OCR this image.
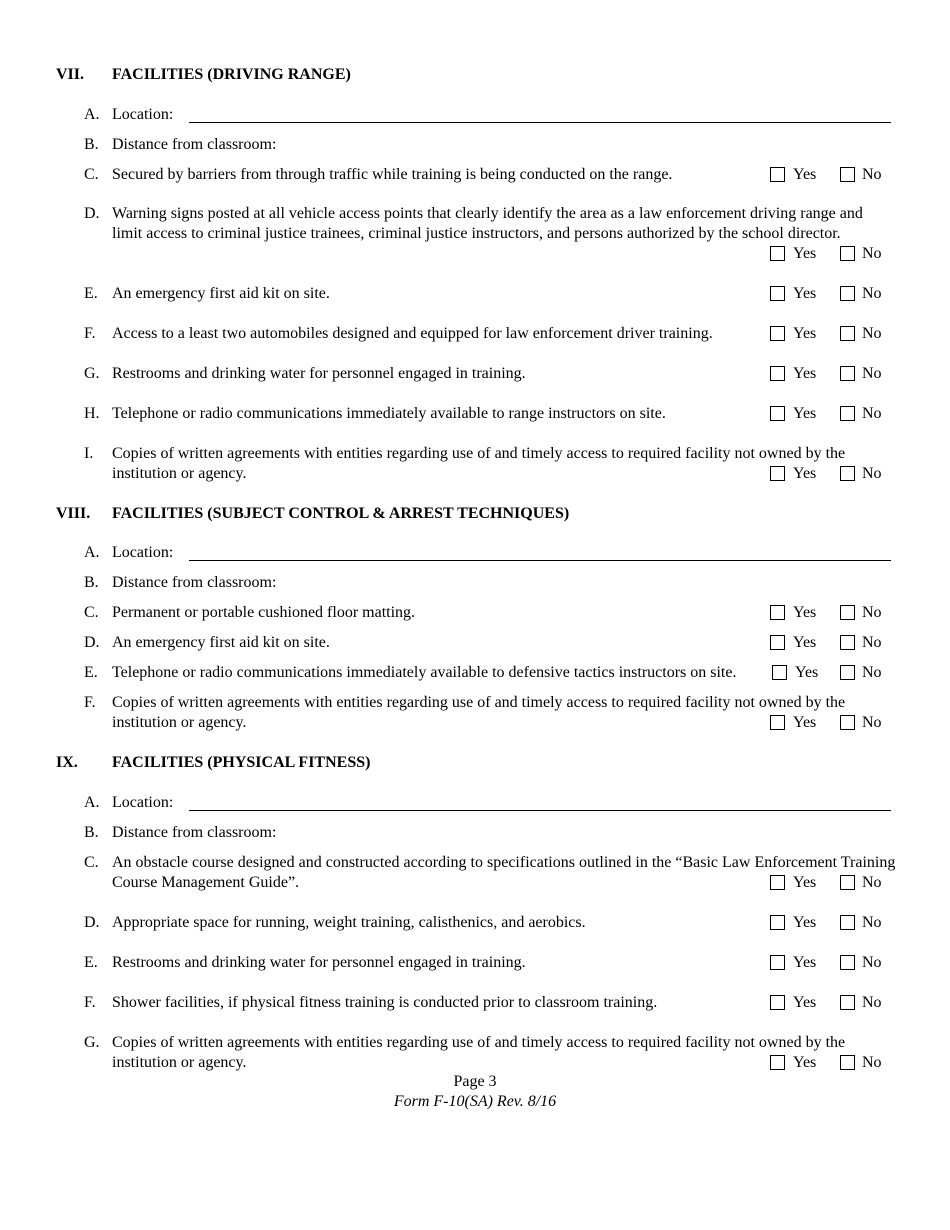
VII. FACILITIES (DRIVING RANGE)
A. Location:
B. Distance from classroom:
C. Secured by barriers from through traffic while training is being conducted on the range.	Yes	No
D. Warning signs posted at all vehicle access points that clearly identify the area as a law enforcement driving range and limit access to criminal justice trainees, criminal justice instructors, and persons authorized by the school director.
Yes	No
E. An emergency first aid kit on site.	Yes	No
F. Access to a least two automobiles designed and equipped for law enforcement driver training.	Yes	No
G. Restrooms and drinking water for personnel engaged in training.	Yes	No
H. Telephone or radio communications immediately available to range instructors on site.	Yes	No
I. Copies of written agreements with entities regarding use of and timely access to required facility not owned by the institution or agency.	Yes	No
VIII. FACILITIES (SUBJECT CONTROL & ARREST TECHNIQUES)
A. Location:
B. Distance from classroom:
C. Permanent or portable cushioned floor matting.	Yes	No
D. An emergency first aid kit on site.	Yes	No
E. Telephone or radio communications immediately available to defensive tactics instructors on site.	Yes	No
F. Copies of written agreements with entities regarding use of and timely access to required facility not owned by the institution or agency.	Yes	No
IX. FACILITIES (PHYSICAL FITNESS)
A. Location:
B. Distance from classroom:
C. An obstacle course designed and constructed according to specifications outlined in the “Basic Law Enforcement Training Course Management Guide”.	Yes	No
D. Appropriate space for running, weight training, calisthenics, and aerobics.	Yes	No
E. Restrooms and drinking water for personnel engaged in training.	Yes	No
F. Shower facilities, if physical fitness training is conducted prior to classroom training.	Yes	No
G. Copies of written agreements with entities regarding use of and timely access to required facility not owned by the institution or agency.	Yes	No
Page 3
Form F-10(SA) Rev. 8/16
